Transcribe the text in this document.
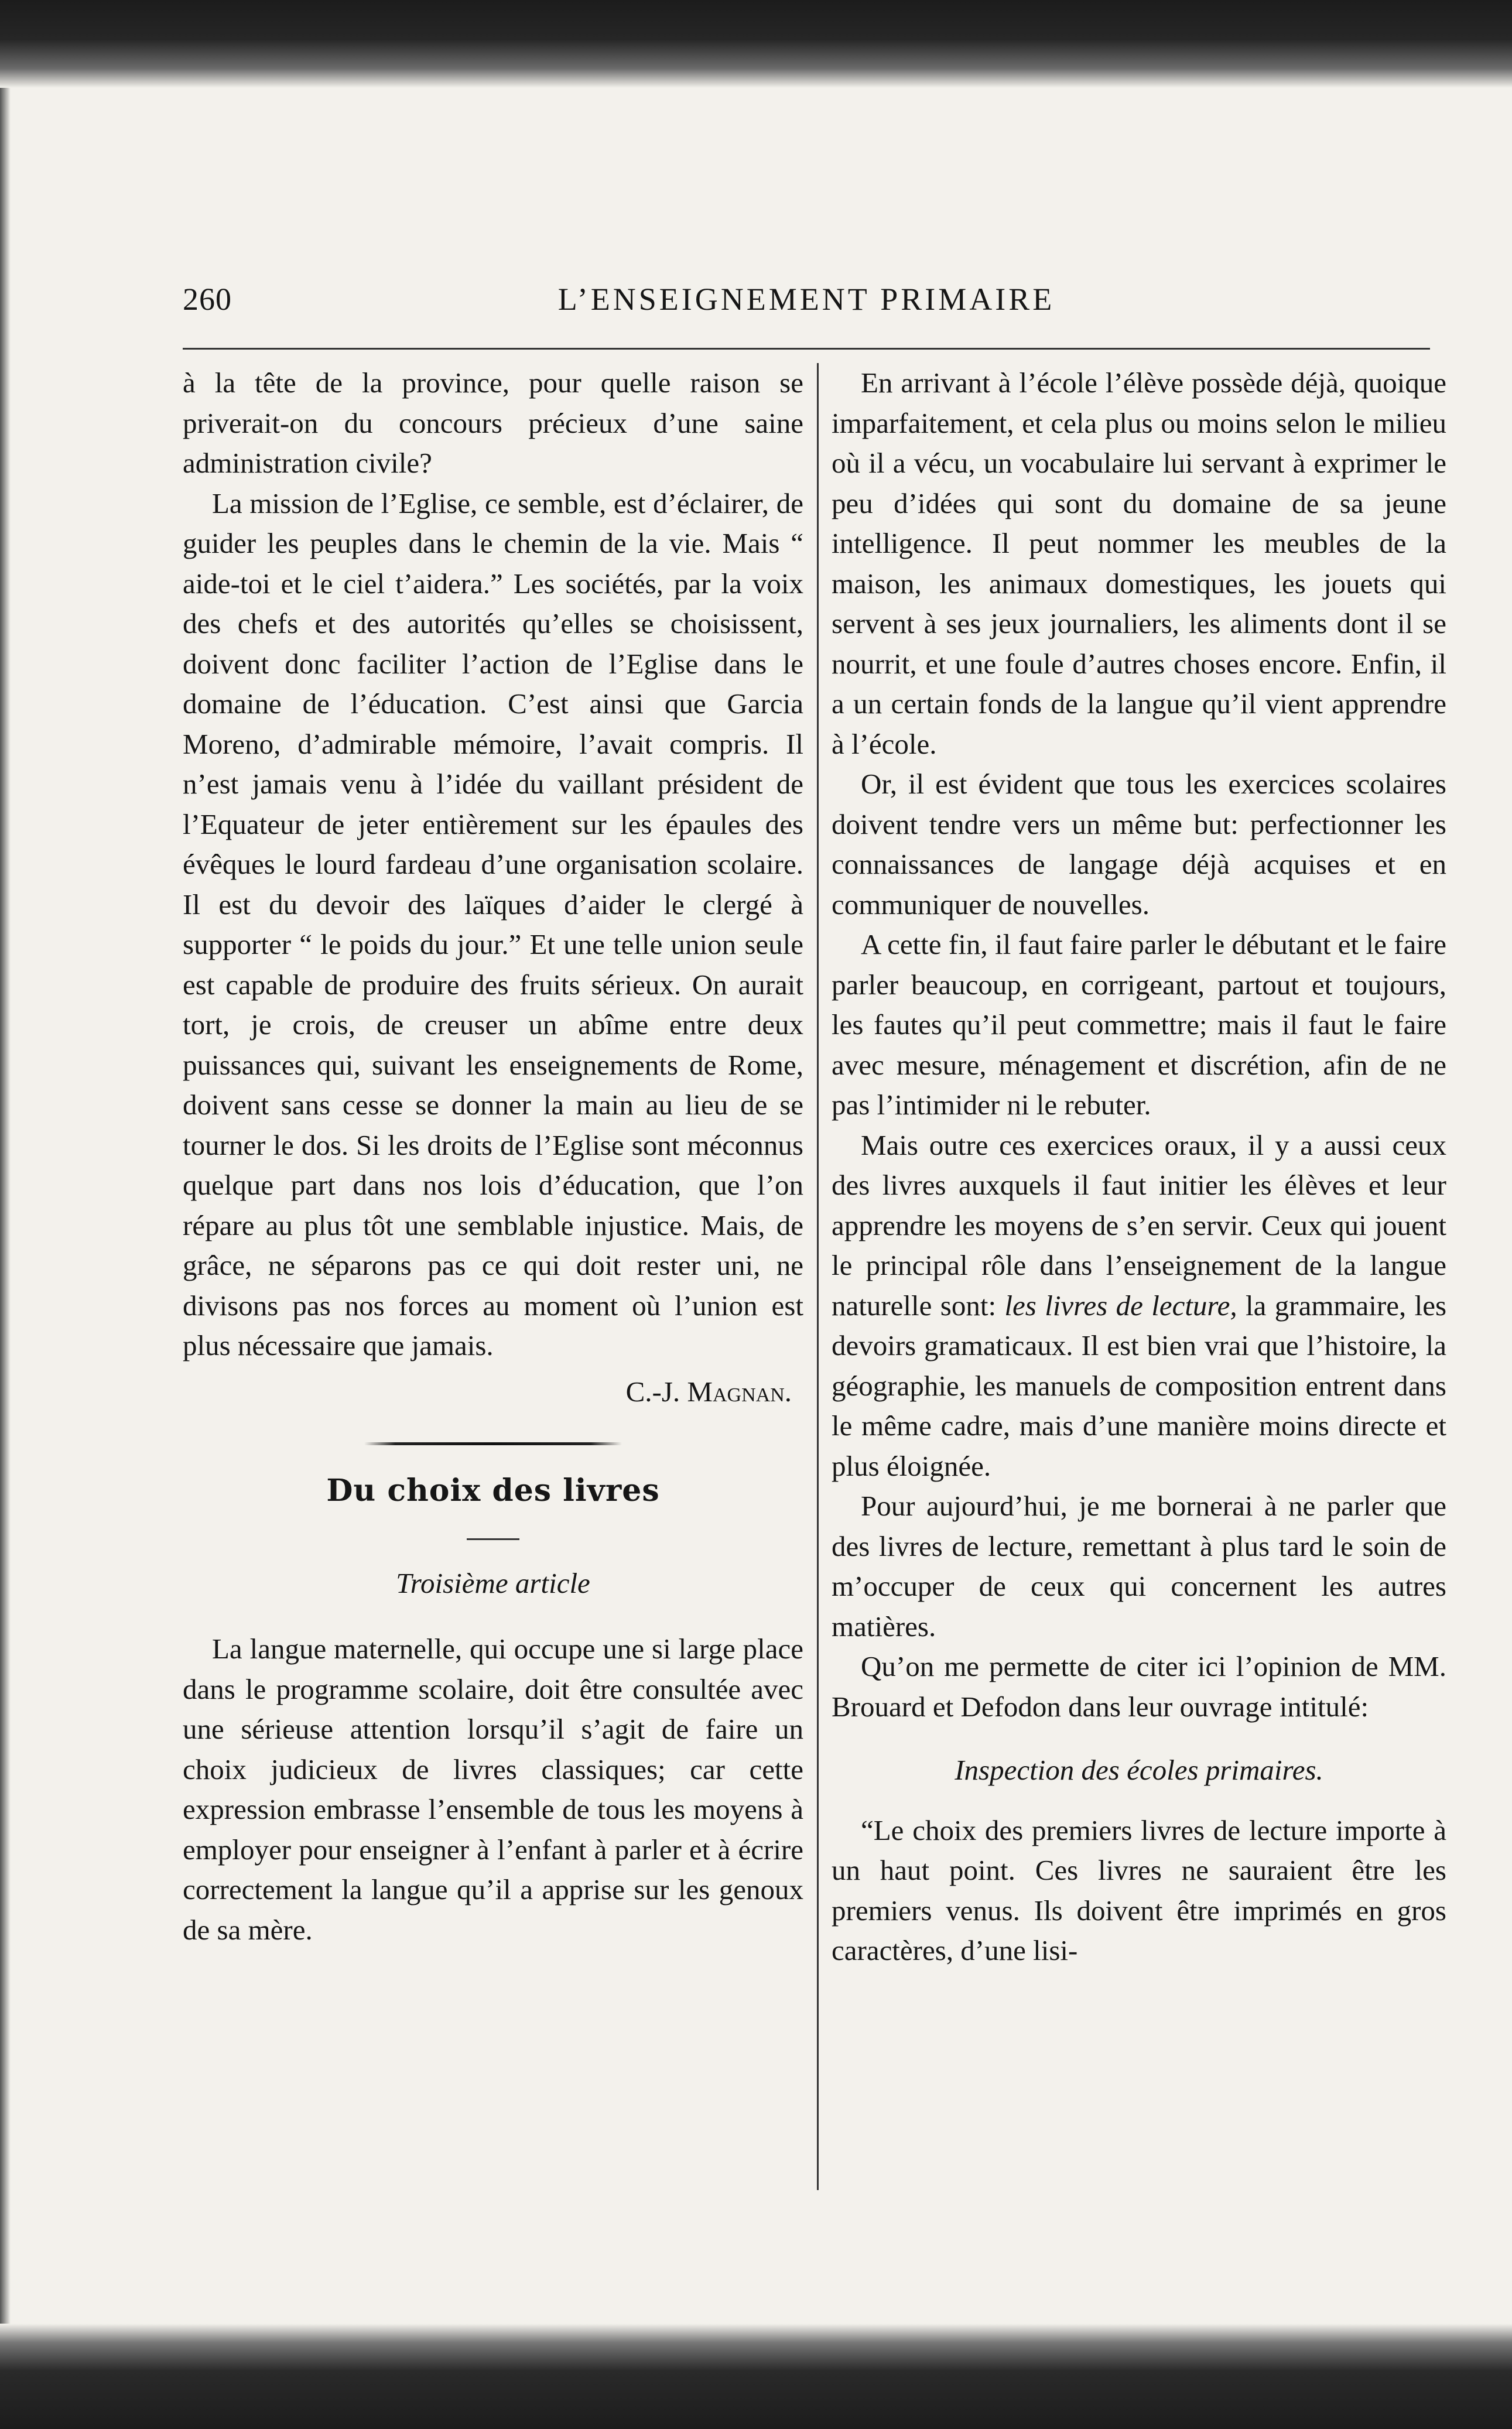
260	L’ENSEIGNEMENT PRIMAIRE

à la tête de la province, pour quelle raison se priverait-on du concours précieux d’une saine administration civile?

La mission de l’Eglise, ce semble, est d’éclairer, de guider les peuples dans le chemin de la vie. Mais “ aide-toi et le ciel t’aidera.” Les sociétés, par la voix des chefs et des autorités qu’elles se choisissent, doivent donc faciliter l’action de l’Eglise dans le domaine de l’éducation. C’est ainsi que Garcia Moreno, d’admirable mémoire, l’avait compris. Il n’est jamais venu à l’idée du vaillant président de l’Equateur de jeter entièrement sur les épaules des évêques le lourd fardeau d’une organisation scolaire. Il est du devoir des laïques d’aider le clergé à supporter “ le poids du jour.” Et une telle union seule est capable de produire des fruits sérieux. On aurait tort, je crois, de creuser un abîme entre deux puissances qui, suivant les enseignements de Rome, doivent sans cesse se donner la main au lieu de se tourner le dos. Si les droits de l’Eglise sont méconnus quelque part dans nos lois d’éducation, que l’on répare au plus tôt une semblable injustice. Mais, de grâce, ne séparons pas ce qui doit rester uni, ne divisons pas nos forces au moment où l’union est plus nécessaire que jamais.

C.-J. Magnan.
Du choix des livres
Troisième article

La langue maternelle, qui occupe une si large place dans le programme scolaire, doit être consultée avec une sérieuse attention lorsqu’il s’agit de faire un choix judicieux de livres classiques; car cette expression embrasse l’ensemble de tous les moyens à employer pour enseigner à l’enfant à parler et à écrire correctement la langue qu’il a apprise sur les genoux de sa mère.

En arrivant à l’école l’élève possède déjà, quoique imparfaitement, et cela plus ou moins selon le milieu où il a vécu, un vocabulaire lui servant à exprimer le peu d’idées qui sont du domaine de sa jeune intelligence. Il peut nommer les meubles de la maison, les animaux domestiques, les jouets qui servent à ses jeux journaliers, les aliments dont il se nourrit, et une foule d’autres choses encore. Enfin, il a un certain fonds de la langue qu’il vient apprendre à l’école.

Or, il est évident que tous les exercices scolaires doivent tendre vers un même but: perfectionner les connaissances de langage déjà acquises et en communiquer de nouvelles.

A cette fin, il faut faire parler le débutant et le faire parler beaucoup, en corrigeant, partout et toujours, les fautes qu’il peut commettre; mais il faut le faire avec mesure, ménagement et discrétion, afin de ne pas l’intimider ni le rebuter.

Mais outre ces exercices oraux, il y a aussi ceux des livres auxquels il faut initier les élèves et leur apprendre les moyens de s’en servir. Ceux qui jouent le principal rôle dans l’enseignement de la langue naturelle sont: les livres de lecture, la grammaire, les devoirs gramaticaux. Il est bien vrai que l’histoire, la géographie, les manuels de composition entrent dans le même cadre, mais d’une manière moins directe et plus éloignée.

Pour aujourd’hui, je me bornerai à ne parler que des livres de lecture, remettant à plus tard le soin de m’occuper de ceux qui concernent les autres matières.

Qu’on me permette de citer ici l’opinion de MM. Brouard et Defodon dans leur ouvrage intitulé:

Inspection des écoles primaires.

“Le choix des premiers livres de lecture importe à un haut point. Ces livres ne sauraient être les premiers venus. Ils doivent être imprimés en gros caractères, d’une lisi-
